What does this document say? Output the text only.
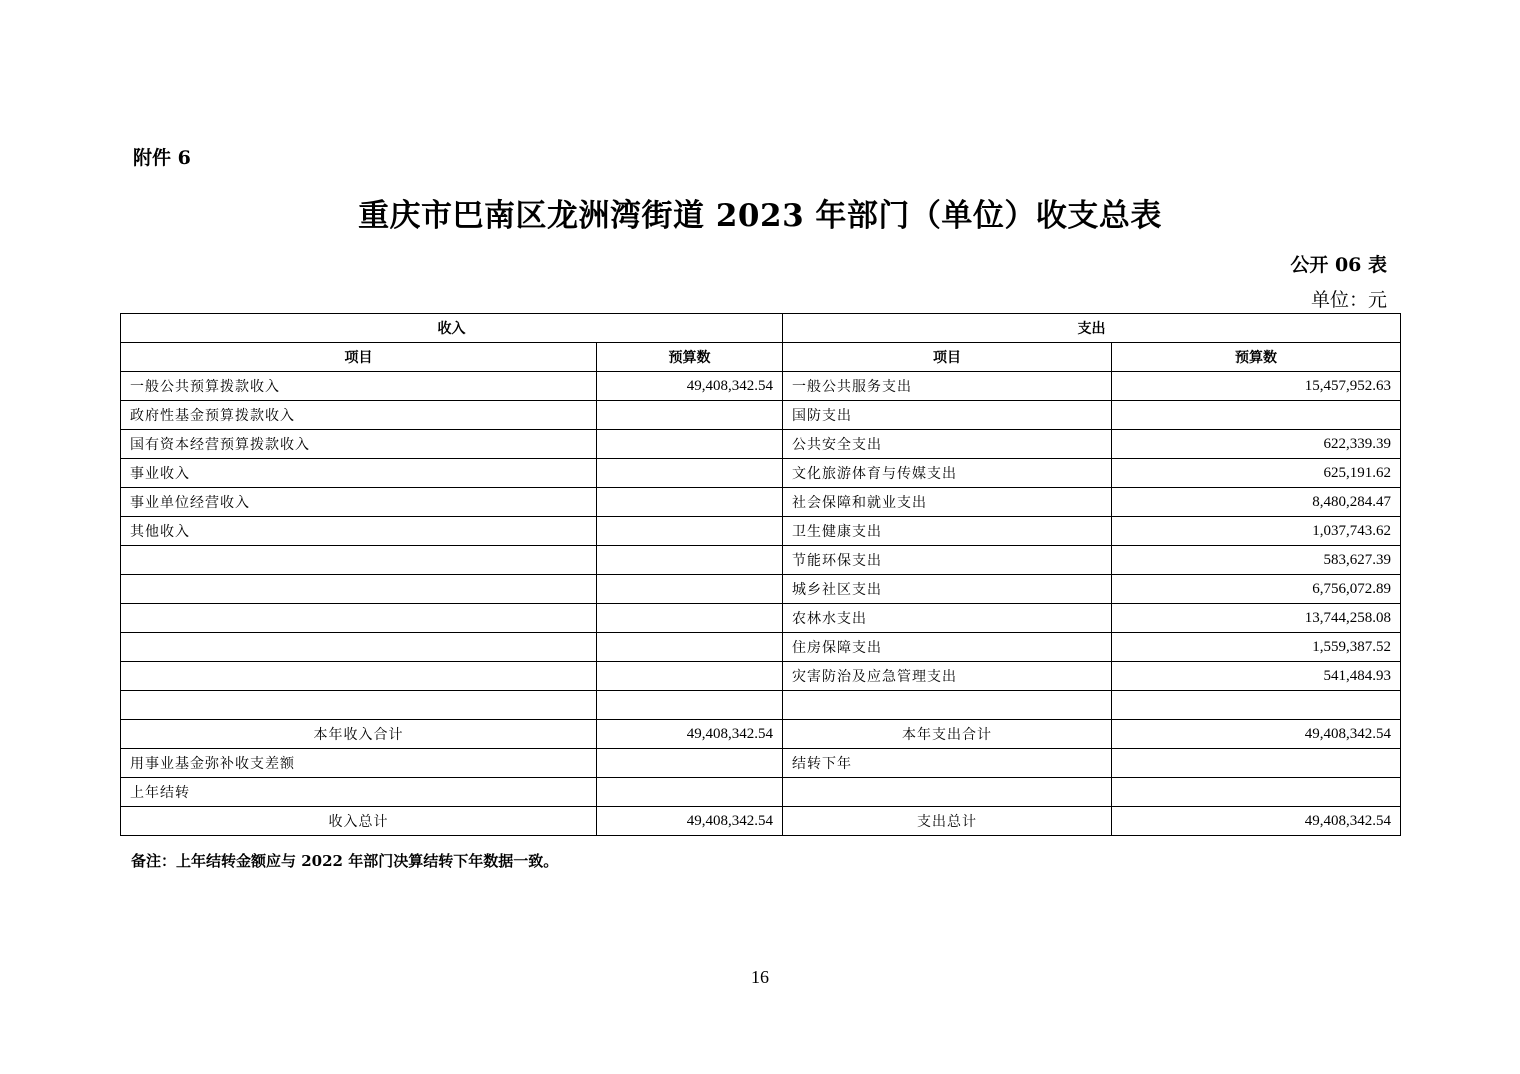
附件 6
重庆市巴南区龙洲湾街道 2023 年部门（单位）收支总表
公开 06 表
单位：元
收入		支出	
项目	预算数	项目	预算数
一般公共预算拨款收入	49,408,342.54	一般公共服务支出	15,457,952.63
政府性基金预算拨款收入		国防支出	
国有资本经营预算拨款收入		公共安全支出	622,339.39
事业收入		文化旅游体育与传媒支出	625,191.62
事业单位经营收入		社会保障和就业支出	8,480,284.47
其他收入		卫生健康支出	1,037,743.62
		节能环保支出	583,627.39
		城乡社区支出	6,756,072.89
		农林水支出	13,744,258.08
		住房保障支出	1,559,387.52
		灾害防治及应急管理支出	541,484.93

本年收入合计	49,408,342.54	本年支出合计	49,408,342.54
用事业基金弥补收支差额		结转下年	
上年结转			
收入总计	49,408,342.54	支出总计	49,408,342.54
备注：上年结转金额应与 2022 年部门决算结转下年数据一致。
16
